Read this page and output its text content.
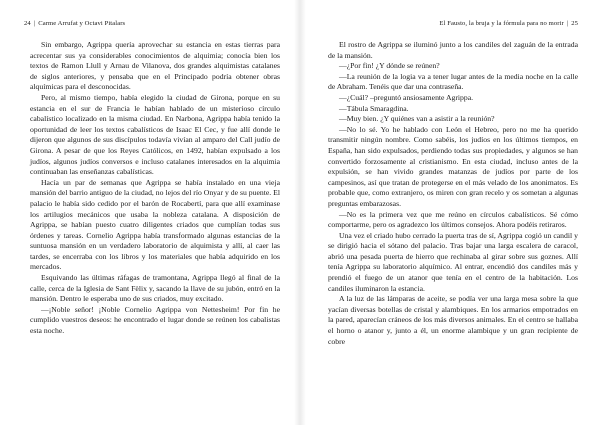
24 | Carme Arrufat y Octavi Pitalars

Sin embargo, Agrippa quería aprovechar su estancia en estas tierras para acrecentar sus ya considerables conocimientos de alquimia; conocía bien los textos de Ramon Llull y Arnau de Vilanova, dos grandes alquimistas catalanes de siglos anteriores, y pensaba que en el Principado podría obtener obras alquímicas para el desconocidas.

Pero, al mismo tiempo, había elegido la ciudad de Girona, porque en su estancia en el sur de Francia le habían hablado de un misterioso círculo cabalístico localizado en la misma ciudad. En Narbona, Agrippa había tenido la oportunidad de leer los textos cabalísticos de Isaac El Cec, y fue allí donde le dijeron que algunos de sus discípulos todavía vivían al amparo del Call judío de Girona. A pesar de que los Reyes Católicos, en 1492, habían expulsado a los judíos, algunos judíos conversos e incluso catalanes interesados en la alquimia continuaban las enseñanzas cabalísticas.

Hacía un par de semanas que Agrippa se había instalado en una vieja mansión del barrio antiguo de la ciudad, no lejos del río Onyar y de su puente. El palacio le había sido cedido por el barón de Rocabertí, para que allí examinase los artilugios mecánicos que usaba la nobleza catalana. A disposición de Agrippa, se habían puesto cuatro diligentes criados que cumplían todas sus órdenes y tareas. Cornelio Agrippa había transformado algunas estancias de la suntuosa mansión en un verdadero laboratorio de alquimista y allí, al caer las tardes, se encerraba con los libros y los materiales que había adquirido en los mercados.

Esquivando las últimas ráfagas de tramontana, Agrippa llegó al final de la calle, cerca de la Iglesia de Sant Fèlix y, sacando la llave de su jubón, entró en la mansión. Dentro le esperaba uno de sus criados, muy excitado.

—¡Noble señor! ¡Noble Cornelio Agrippa von Nettesheim! Por fin he cumplido vuestros deseos: he encontrado el lugar donde se reúnen los cabalistas esta noche.

El Fausto, la bruja y la fórmula para no morir | 25

El rostro de Agrippa se iluminó junto a los candiles del zaguán de la entrada de la mansión.

—¿Por fin! ¿Y dónde se reúnen?

—La reunión de la logia va a tener lugar antes de la media noche en la calle de Abraham. Tenéis que dar una contraseña.

—¿Cuál? –preguntó ansiosamente Agrippa.

—Tábula Smaragdina.

—Muy bien. ¿Y quiénes van a asistir a la reunión?

—No lo sé. Yo he hablado con León el Hebreo, pero no me ha querido transmitir ningún nombre. Como sabéis, los judíos en los últimos tiempos, en España, han sido expulsados, perdiendo todas sus propiedades, y algunos se han convertido forzosamente al cristianismo. En esta ciudad, incluso antes de la expulsión, se han vivido grandes matanzas de judíos por parte de los campesinos, así que tratan de protegerse en el más velado de los anonimatos. Es probable que, como extranjero, os miren con gran recelo y os sometan a algunas preguntas embarazosas.

—No es la primera vez que me reúno en círculos cabalísticos. Sé cómo comportarme, pero os agradezco los últimos consejos. Ahora podéis retiraros.

Una vez el criado hubo cerrado la puerta tras de sí, Agrippa cogió un candil y se dirigió hacia el sótano del palacio. Tras bajar una larga escalera de caracol, abrió una pesada puerta de hierro que rechinaba al girar sobre sus goznes. Allí tenía Agrippa su laboratorio alquímico. Al entrar, encendió dos candiles más y prendió el fuego de un atanor que tenía en el centro de la habitación. Los candiles iluminaron la estancia.

A la luz de las lámparas de aceite, se podía ver una larga mesa sobre la que yacían diversas botellas de cristal y alambiques. En los armarios empotrados en la pared, aparecían cráneos de los más diversos animales. En el centro se hallaba el horno o atanor y, junto a él, un enorme alambique y un gran recipiente de cobre
